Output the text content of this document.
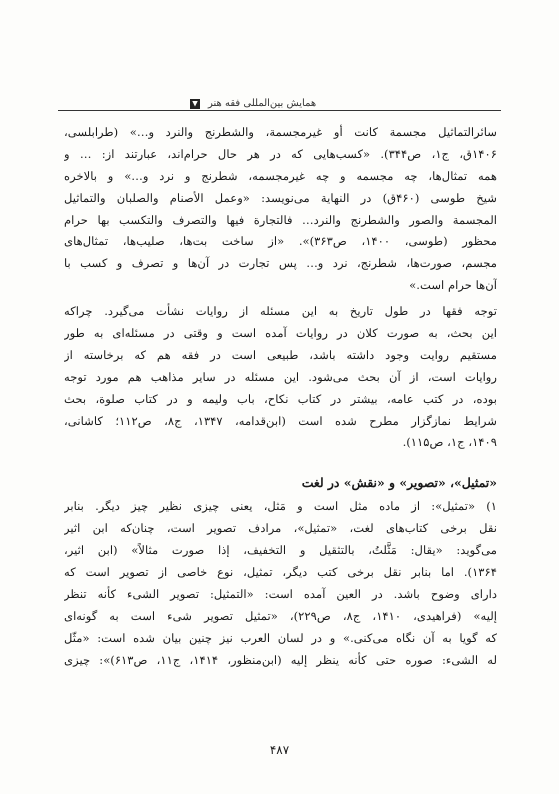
همایش بین‌المللی فقه هنر
سائرالتماثیل مجسمة کانت أو غیرمجسمة، والشطرنج والنرد و…» (طرابلسی،
۱۴۰۶ق، ج۱، ص۳۴۴). «کسب‌هایی که در هر حال حرام‌اند، عبارتند از: … و
همه تمثال‌ها، چه مجسمه و چه غیرمجسمه، شطرنج و نرد و…» و بالاخره
شیخ طوسی (۴۶۰ق) در النهایة می‌نویسد: «وعمل الأصنام والصلبان والتماثیل
المجسمة والصور والشطرنج والنرد… فالتجارة فیها والتصرف والتکسب بها حرام
محظور (طوسی، ۱۴۰۰، ص۳۶۳)». «از ساخت بت‌ها، صلیب‌ها، تمثال‌های
مجسم، صورت‌ها، شطرنج، نرد و… پس تجارت در آن‌ها و تصرف و کسب با
آن‌ها حرام است.»
توجه فقها در طول تاریخ به این مسئله از روایات نشأت می‌گیرد. چراکه
این بحث، به صورت کلان در روایات آمده است و وقتی در مسئله‌ای به طور
مستقیم روایت وجود داشته باشد، طبیعی است در فقه هم که برخاسته از
روایات است، از آن بحث می‌شود. این مسئله در سایر مذاهب هم مورد توجه
بوده، در کتب عامه، بیشتر در کتاب نکاح، باب ولیمه و در کتاب صلوة، بحث
شرایط نمازگزار مطرح شده است (ابن‌قدامه، ۱۳۴۷، ج۸، ص۱۱۲؛ کاشانی،
۱۴۰۹، ج۱، ص۱۱۵).
«تمثیل»، «تصویر» و «نقش» در لغت
۱) «تمثیل»: از ماده مثل است و مَثل، یعنی چیزی نظیر چیز دیگر. بنابر
نقل برخی کتاب‌های لغت، «تمثیل»، مرادف تصویر است، چنان‌که ابن اثیر
می‌گوید: «یقال: مَثَّلتُ، بالتثقیل و التخفیف، إذا صورت مثالاً» (ابن اثیر،
۱۳۶۴). اما بنابر نقل برخی کتب دیگر، تمثیل، نوع خاصی از تصویر است که
دارای وضوح باشد. در العین آمده است: «التمثیل: تصویر الشیء کأنه تنظر
إلیه» (فراهیدی، ۱۴۱۰، ج۸، ص۲۲۹)، «تمثیل تصویر شیء است به گونه‌ای
که گویا به آن نگاه می‌کنی.» و در لسان العرب نیز چنین بیان شده است: «مثّل
له الشیء: صوره حتی کأنه ینظر إلیه (ابن‌منظور، ۱۴۱۴، ج۱۱، ص۶۱۳)»: چیزی
۴۸۷
